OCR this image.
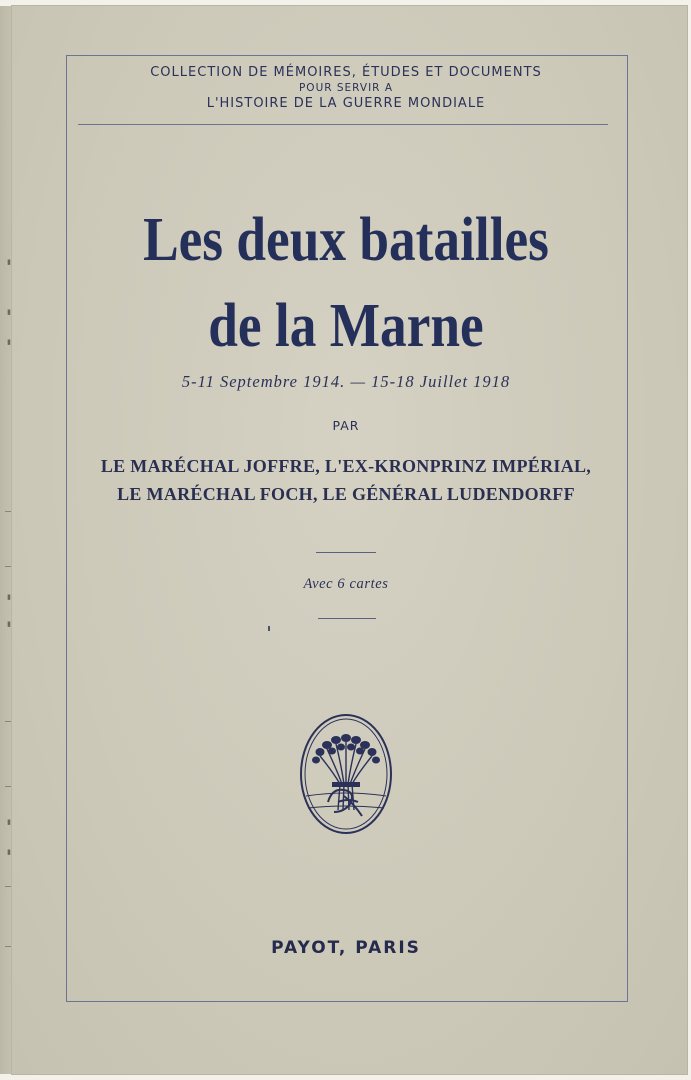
▮
▮
▮
▮
▮
▮
▮
COLLECTION DE MÉMOIRES, ÉTUDES ET DOCUMENTS
POUR SERVIR A
L'HISTOIRE DE LA GUERRE MONDIALE
Les deux batailles
de la Marne
5-11 Septembre 1914. — 15-18 Juillet 1918
PAR
LE MARÉCHAL JOFFRE, L'EX-KRONPRINZ IMPÉRIAL,
LE MARÉCHAL FOCH, LE GÉNÉRAL LUDENDORFF
Avec 6 cartes
PAYOT, PARIS
